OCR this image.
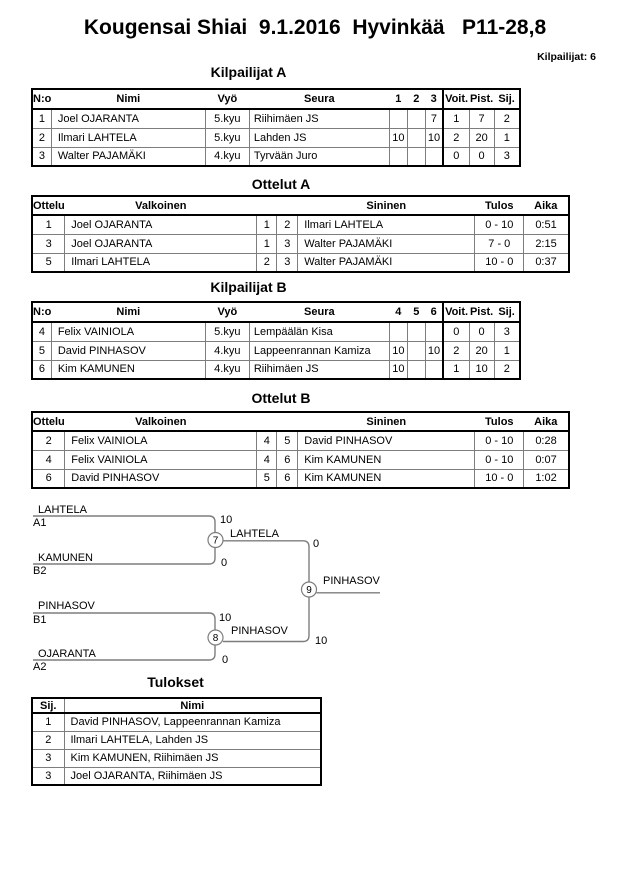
Kougensai Shiai  9.1.2016  Hyvinkää   P11-28,8
Kilpailijat: 6
Kilpailijat A
N:o	Nimi	Vyö	Seura	1	2	3	Voit.	Pist.	Sij.
1	Joel OJARANTA	5.kyu	Riihimäen JS			7	1	7	2
2	Ilmari LAHTELA	5.kyu	Lahden JS	10		10	2	20	1
3	Walter PAJAMÄKI	4.kyu	Tyrvään Juro				0	0	3
Ottelut A
Ottelu	Valkoinen			Sininen	Tulos	Aika
1	Joel OJARANTA	1	2	Ilmari LAHTELA	0 - 10	0:51
3	Joel OJARANTA	1	3	Walter PAJAMÄKI	7 - 0	2:15
5	Ilmari LAHTELA	2	3	Walter PAJAMÄKI	10 - 0	0:37
Kilpailijat B
N:o	Nimi	Vyö	Seura	4	5	6	Voit.	Pist.	Sij.
4	Felix VAINIOLA	5.kyu	Lempäälän Kisa				0	0	3
5	David PINHASOV	4.kyu	Lappeenrannan Kamiza	10		10	2	20	1
6	Kim KAMUNEN	4.kyu	Riihimäen JS	10			1	10	2
Ottelut B
Ottelu	Valkoinen			Sininen	Tulos	Aika
2	Felix VAINIOLA	4	5	David PINHASOV	0 - 10	0:28
4	Felix VAINIOLA	4	6	Kim KAMUNEN	0 - 10	0:07
6	David PINHASOV	5	6	Kim KAMUNEN	10 - 0	1:02
7
8
9
LAHTELA
A1	10
KAMUNEN
B2
0
LAHTELA
0
PINHASOV
10
PINHASOV
B1	10
PINHASOV
OJARANTA
A2
0
Tulokset
Sij.	Nimi
1	David PINHASOV, Lappeenrannan Kamiza
2	Ilmari LAHTELA, Lahden JS
3	Kim KAMUNEN, Riihimäen JS
3	Joel OJARANTA, Riihimäen JS
